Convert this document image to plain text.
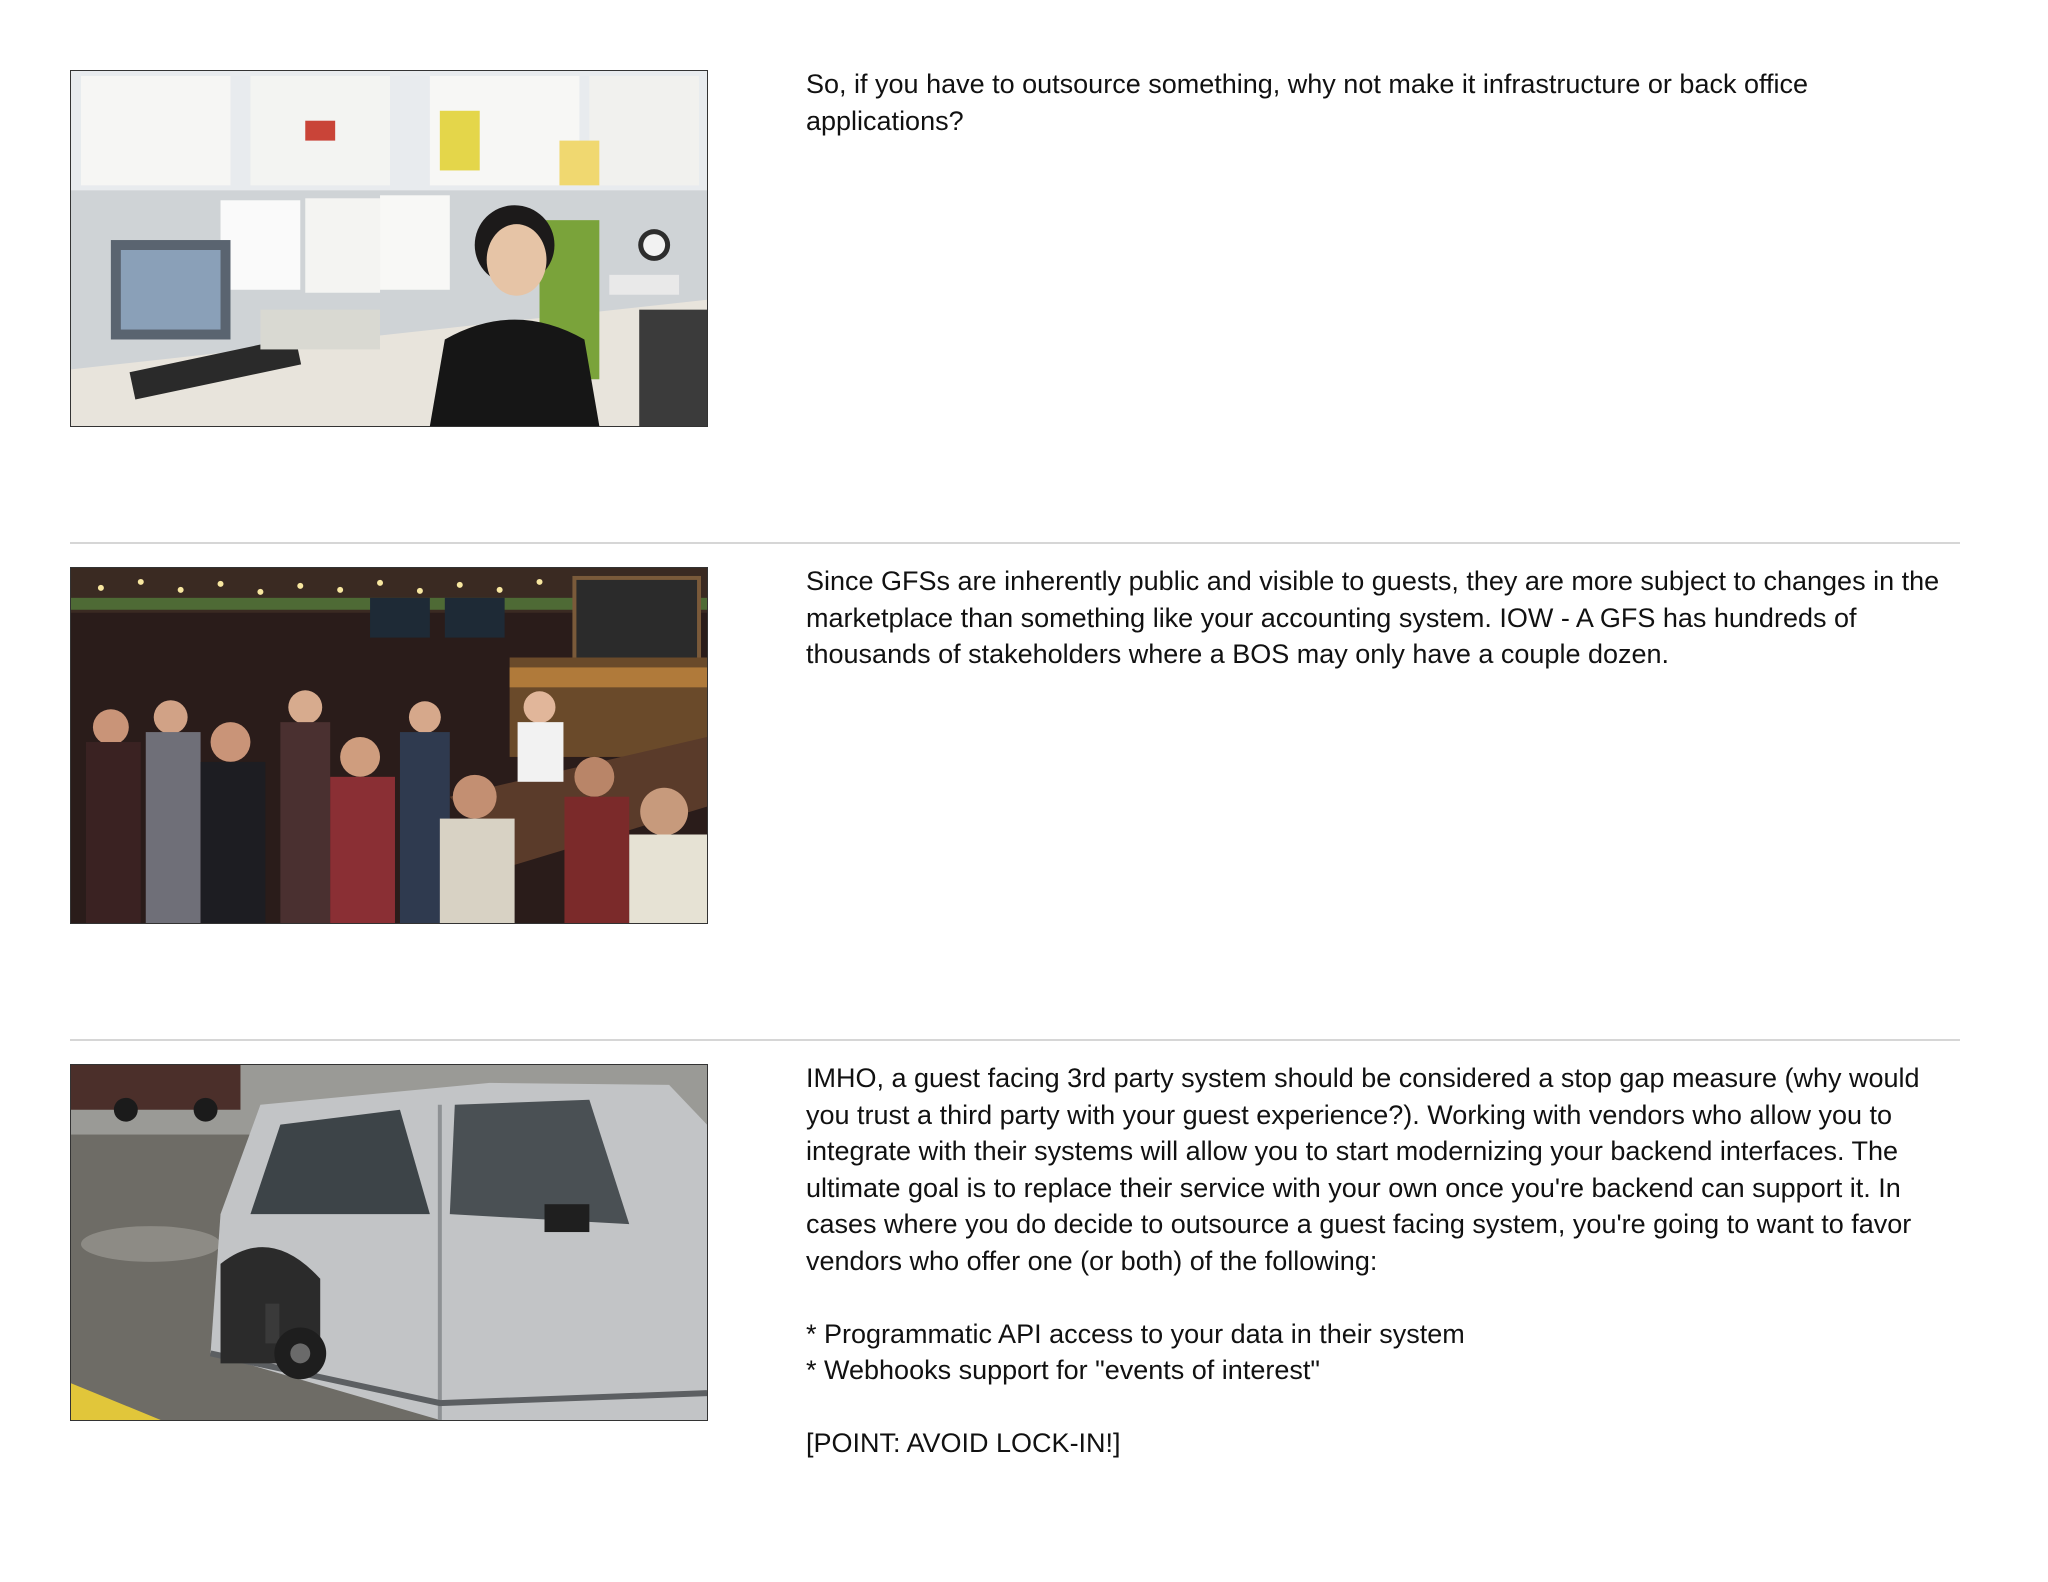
So, if you have to outsource something, why not make it infrastructure or back office applications?
Since GFSs are inherently public and visible to guests, they are more subject to changes in the marketplace than something like your accounting system. IOW - A GFS has hundreds of thousands of stakeholders where a BOS may only have a couple dozen.
IMHO, a guest facing 3rd party system should be considered a stop gap measure (why would you trust a third party with your guest experience?). Working with vendors who allow you to integrate with their systems will allow you to start modernizing your backend interfaces. The ultimate goal is to replace their service with your own once you're backend can support it. In cases where you do decide to outsource a guest facing system, you're going to want to favor vendors who offer one (or both) of the following:

* Programmatic API access to your data in their system
* Webhooks support for "events of interest"

[POINT: AVOID LOCK-IN!]
